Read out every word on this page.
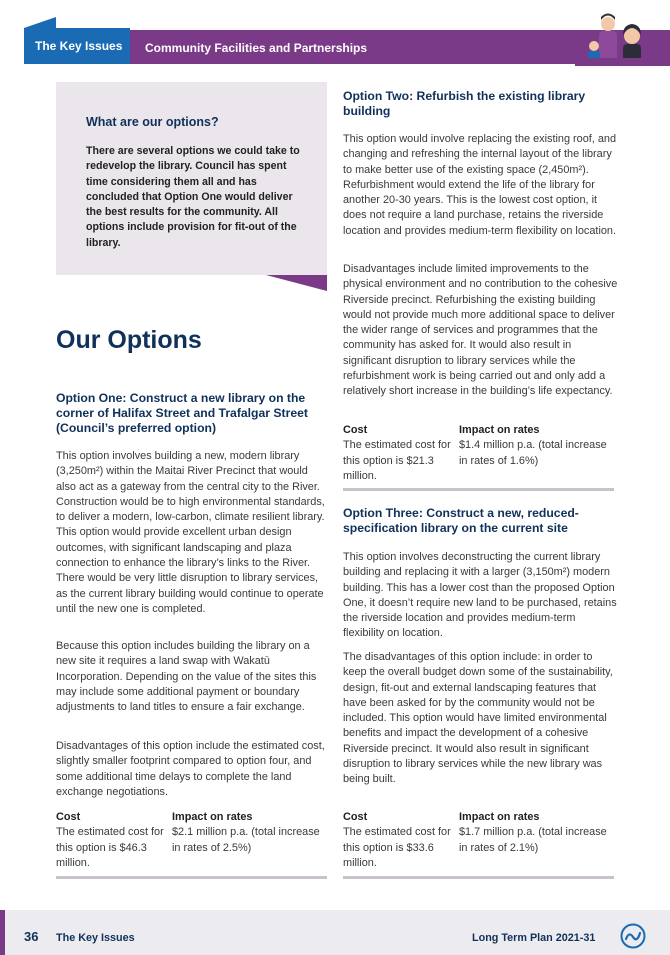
The Key Issues	Community Facilities and Partnerships
What are our options?
There are several options we could take to redevelop the library. Council has spent time considering them all and has concluded that Option One would deliver the best results for the community. All options include provision for fit-out of the library.
Our Options
Option One: Construct a new library on the corner of Halifax Street and Trafalgar Street (Council’s preferred option)
This option involves building a new, modern library (3,250m²) within the Maitai River Precinct that would also act as a gateway from the central city to the River. Construction would be to high environmental standards, to deliver a modern, low-carbon, climate resilient library. This option would provide excellent urban design outcomes, with significant landscaping and plaza connection to enhance the library’s links to the River. There would be very little disruption to library services, as the current library building would continue to operate until the new one is completed.
Because this option includes building the library on a new site it requires a land swap with Wakatū Incorporation. Depending on the value of the sites this may include some additional payment or boundary adjustments to land titles to ensure a fair exchange.
Disadvantages of this option include the estimated cost, slightly smaller footprint compared to option four, and some additional time delays to complete the land exchange negotiations.
Cost
The estimated cost for this option is $46.3 million.
Impact on rates
$2.1 million p.a. (total increase in rates of 2.5%)
Option Two: Refurbish the existing library building
This option would involve replacing the existing roof, and changing and refreshing the internal layout of the library to make better use of the existing space (2,450m²). Refurbishment would extend the life of the library for another 20-30 years. This is the lowest cost option, it does not require a land purchase, retains the riverside location and provides medium-term flexibility on location.
Disadvantages include limited improvements to the physical environment and no contribution to the cohesive Riverside precinct. Refurbishing the existing building would not provide much more additional space to deliver the wider range of services and programmes that the community has asked for. It would also result in significant disruption to library services while the refurbishment work is being carried out and only add a relatively short increase in the building’s life expectancy.
Cost
The estimated cost for this option is $21.3 million.
Impact on rates
$1.4 million p.a. (total increase in rates of 1.6%)
Option Three: Construct a new, reduced-specification library on the current site
This option involves deconstructing the current library building and replacing it with a larger (3,150m²) modern building. This has a lower cost than the proposed Option One, it doesn’t require new land to be purchased, retains the riverside location and provides medium-term flexibility on location.
The disadvantages of this option include: in order to keep the overall budget down some of the sustainability, design, fit-out and external landscaping features that have been asked for by the community would not be included. This option would have limited environmental benefits and impact the development of a cohesive Riverside precinct. It would also result in significant disruption to library services while the new library was being built.
Cost
The estimated cost for this option is $33.6 million.
Impact on rates
$1.7 million p.a. (total increase in rates of 2.1%)
36 The Key Issues	Long Term Plan 2021-31
